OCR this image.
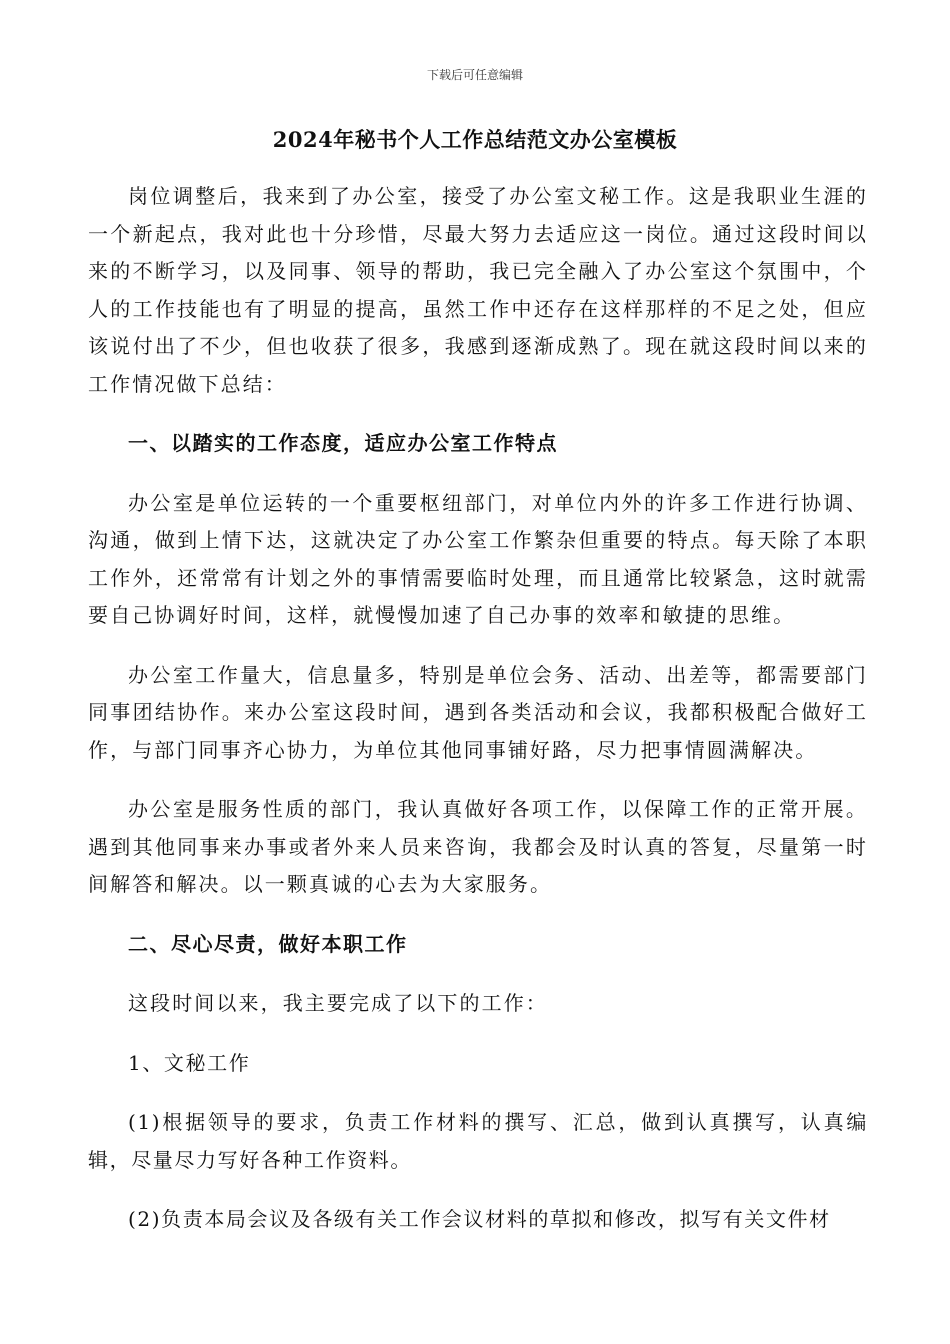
下载后可任意编辑
2024年秘书个人工作总结范文办公室模板

岗位调整后，我来到了办公室，接受了办公室文秘工作。这是我职业生涯的一个新起点，我对此也十分珍惜，尽最大努力去适应这一岗位。通过这段时间以来的不断学习，以及同事、领导的帮助，我已完全融入了办公室这个氛围中，个人的工作技能也有了明显的提高，虽然工作中还存在这样那样的不足之处，但应该说付出了不少，但也收获了很多，我感到逐渐成熟了。现在就这段时间以来的工作情况做下总结：

一、以踏实的工作态度，适应办公室工作特点

办公室是单位运转的一个重要枢纽部门，对单位内外的许多工作进行协调、沟通，做到上情下达，这就决定了办公室工作繁杂但重要的特点。每天除了本职工作外，还常常有计划之外的事情需要临时处理，而且通常比较紧急，这时就需要自己协调好时间，这样，就慢慢加速了自己办事的效率和敏捷的思维。

办公室工作量大，信息量多，特别是单位会务、活动、出差等，都需要部门同事团结协作。来办公室这段时间，遇到各类活动和会议，我都积极配合做好工作，与部门同事齐心协力，为单位其他同事铺好路，尽力把事情圆满解决。

办公室是服务性质的部门，我认真做好各项工作，以保障工作的正常开展。遇到其他同事来办事或者外来人员来咨询，我都会及时认真的答复，尽量第一时间解答和解决。以一颗真诚的心去为大家服务。

二、尽心尽责，做好本职工作

这段时间以来，我主要完成了以下的工作：

1、文秘工作

(1)根据领导的要求，负责工作材料的撰写、汇总，做到认真撰写，认真编辑，尽量尽力写好各种工作资料。

(2)负责本局会议及各级有关工作会议材料的草拟和修改，拟写有关文件材
